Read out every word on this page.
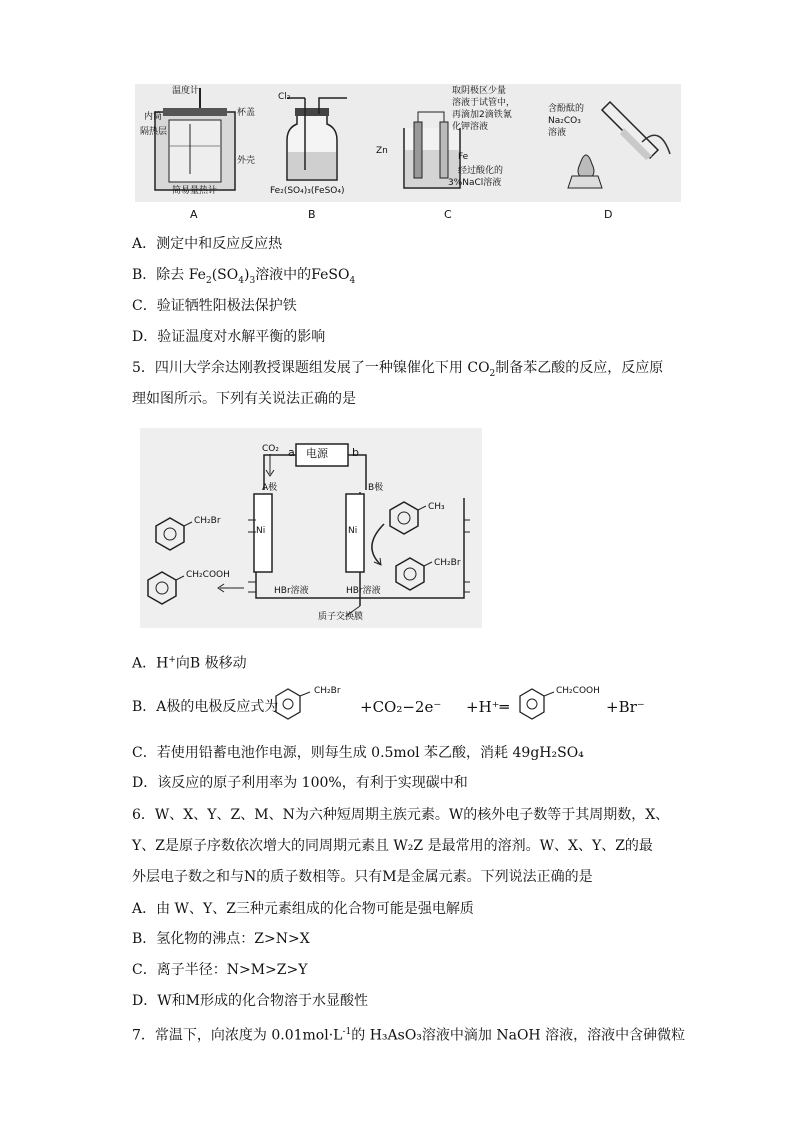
温度计
内筒	杯盖
隔热层
外壳
简易量热计
Cl₂
Fe₂(SO₄)₃(FeSO₄)
Zn
Fe
取阴极区少量
溶液于试管中，
再滴加2滴铁氰
化钾溶液
经过酸化的
3%NaCl溶液
含酚酞的
Na₂CO₃
溶液
A	B	C	D
A．测定中和反应反应热
B．除去 $Fe_2(SO_4)_3$溶液中的FeSO$_4$
C．验证牺牲阳极法保护铁
D．验证温度对水解平衡的影响
5．四川大学余达刚教授课题组发展了一种镍催化下用 $CO_2$制备苯乙酸的反应，反应原
理如图所示。下列有关说法正确的是
CO₂ a	b
电源
A极	B极
Ni	Ni
CH₂Br
CH₂COOH
CH₃
CH₂Br
HBr溶液	HBr溶液
质子交换膜
A．H+向B 极移动
B．A极的电极反应式为
CH₂Br
+CO₂−2e⁻ +H⁺═
CH₂COOH
+Br⁻
C．若使用铅蓄电池作电源，则每生成 0.5mol 苯乙酸，消耗 49gH₂SO₄
D．该反应的原子利用率为 100%，有利于实现碳中和
6．W、X、Y、Z、M、N为六种短周期主族元素。W的核外电子数等于其周期数，X、
Y、Z是原子序数依次增大的同周期元素且 W₂Z 是最常用的溶剂。W、X、Y、Z的最
外层电子数之和与N的质子数相等。只有M是金属元素。下列说法正确的是
A．由 W、Y、Z三种元素组成的化合物可能是强电解质
B．氢化物的沸点：Z>N>X
C．离子半径：N>M>Z>Y
D．W和M形成的化合物溶于水显酸性
7．常温下，向浓度为 $0.01mol\cdot L^{-1}$的 H₃AsO₃溶液中滴加 NaOH 溶液，溶液中含砷微粒
